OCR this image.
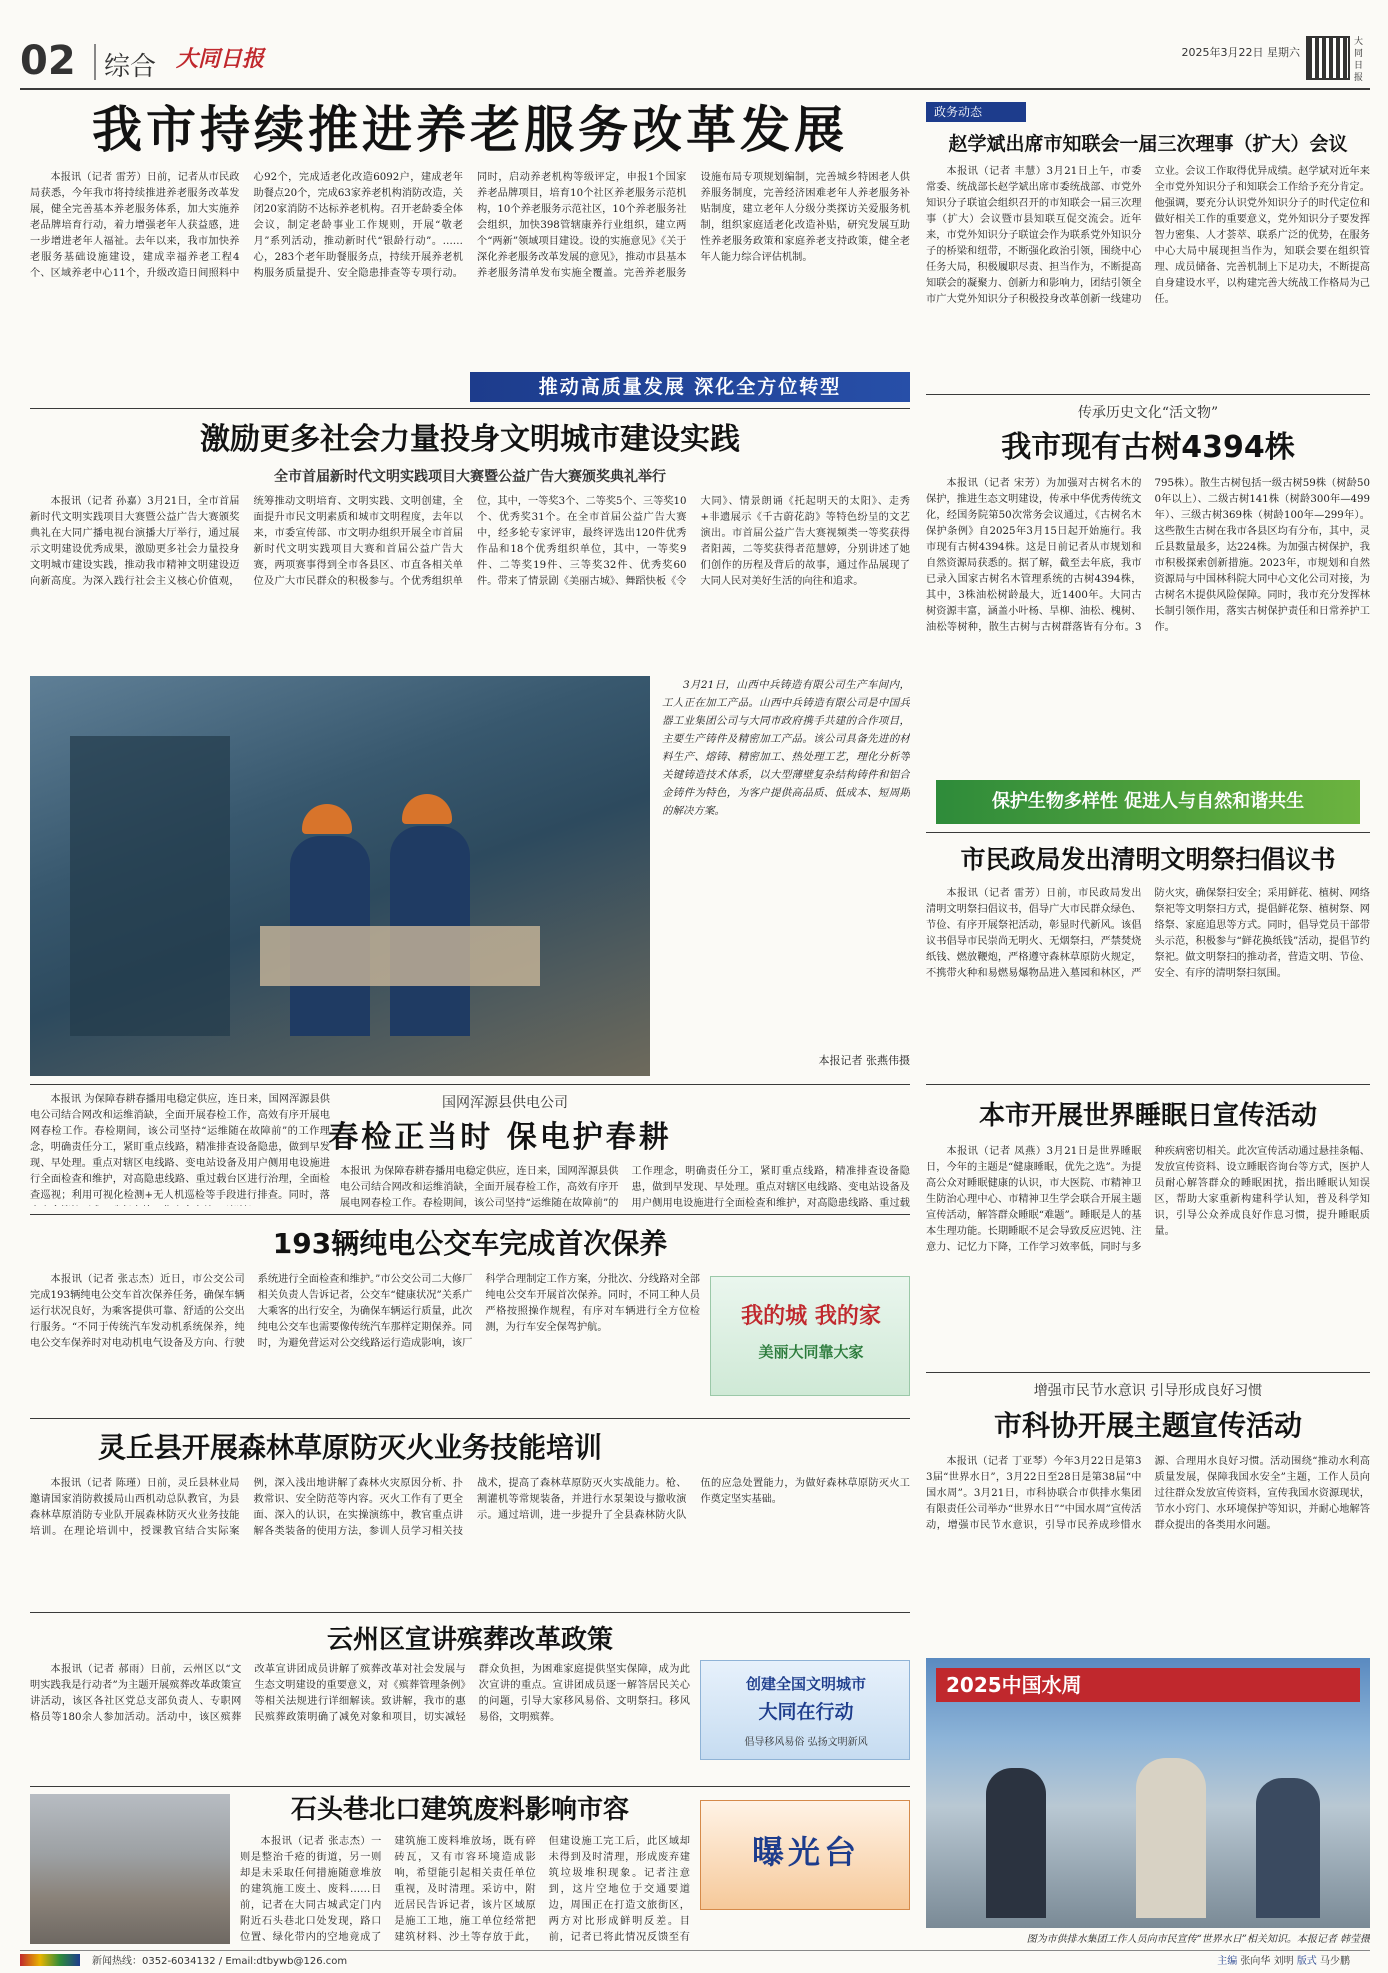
02	综合 大同日报	2025年3月22日 星期六
大同日报
我市持续推进养老服务改革发展
本报讯（记者 雷芳）日前，记者从市民政局获悉，今年我市将持续推进养老服务改革发展，健全完善基本养老服务体系，加大实施养老品牌培育行动，着力增强老年人获益感，进一步增进老年人福祉。去年以来，我市加快养老服务基础设施建设，建成幸福养老工程4个、区域养老中心11个，升级改造日间照料中心92个，完成适老化改造6092户，建成老年助餐点20个，完成63家养老机构消防改造，关闭20家消防不达标养老机构。召开老龄委全体会议，制定老龄事业工作规则，开展“敬老月”系列活动，推动新时代“银龄行动”。……心，283个老年助餐服务点，持续开展养老机构服务质量提升、安全隐患排查等专项行动。同时，启动养老机构等级评定，申报1个国家养老品牌项目，培育10个社区养老服务示范机构，10个养老服务示范社区，10个养老服务社会组织，加快398管辖康养行业组织，建立两个“两新”领域项目建设。设的实施意见》《关于深化养老服务改革发展的意见》，推动市县基本养老服务清单发布实施全覆盖。完善养老服务设施布局专项规划编制，完善城乡特困老人供养服务制度，完善经济困难老年人养老服务补贴制度，建立老年人分级分类探访关爱服务机制，组织家庭适老化改造补贴，研究发展互助性养老服务政策和家庭养老支持政策，健全老年人能力综合评估机制。
推动高质量发展 深化全方位转型
政务动态
赵学斌出席市知联会一届三次理事（扩大）会议
本报讯（记者 丰慧）3月21日上午，市委常委、统战部长赵学斌出席市委统战部、市党外知识分子联谊会组织召开的市知联会一届三次理事（扩大）会议暨市县知联互促交流会。近年来，市党外知识分子联谊会作为联系党外知识分子的桥梁和纽带，不断强化政治引领，围绕中心任务大局，积极履职尽责、担当作为，不断提高知联会的凝聚力、创新力和影响力，团结引领全市广大党外知识分子积极投身改革创新一线建功立业。会议工作取得优异成绩。赵学斌对近年来全市党外知识分子和知联会工作给予充分肯定。他强调，要充分认识党外知识分子的时代定位和做好相关工作的重要意义，党外知识分子要发挥智力密集、人才荟萃、联系广泛的优势，在服务中心大局中展现担当作为，知联会要在组织管理、成员储备、完善机制上下足功夫，不断提高自身建设水平，以构建完善大统战工作格局为己任。
传承历史文化“活文物”
我市现有古树4394株
本报讯（记者 宋芳）为加强对古树名木的保护，推进生态文明建设，传承中华优秀传统文化，经国务院第50次常务会议通过，《古树名木保护条例》自2025年3月15日起开始施行。我市现有古树4394株。这是日前记者从市规划和自然资源局获悉的。据了解，截至去年底，我市已录入国家古树名木管理系统的古树4394株，其中，3株油松树龄最大，近1400年。大同古树资源丰富，涵盖小叶杨、旱柳、油松、槐树、油松等树种，散生古树与古树群落皆有分布。3795株）。散生古树包括一级古树59株（树龄500年以上）、二级古树141株（树龄300年—499年）、三级古树369株（树龄100年—299年）。这些散生古树在我市各县区均有分布，其中，灵丘县数量最多，达224株。为加强古树保护，我市积极探索创新措施。2023年，市规划和自然资源局与中国林科院大同中心文化公司对接，为古树名木提供风险保障。同时，我市充分发挥林长制引领作用，落实古树保护责任和日常养护工作。
保护生物多样性 促进人与自然和谐共生
激励更多社会力量投身文明城市建设实践
全市首届新时代文明实践项目大赛暨公益广告大赛颁奖典礼举行
本报讯（记者 孙嘉）3月21日，全市首届新时代文明实践项目大赛暨公益广告大赛颁奖典礼在大同广播电视台演播大厅举行，通过展示文明建设优秀成果，激励更多社会力量投身文明城市建设实践，推动我市精神文明建设迈向新高度。为深入践行社会主义核心价值观，统筹推动文明培育、文明实践、文明创建，全面提升市民文明素质和城市文明程度，去年以来，市委宣传部、市文明办组织开展全市首届新时代文明实践项目大赛和首届公益广告大赛，两项赛事得到全市各县区、市直各相关单位及广大市民群众的积极参与。个优秀组织单位，其中，一等奖3个、二等奖5个、三等奖10个、优秀奖31个。在全市首届公益广告大赛中，经多轮专家评审，最终评选出120件优秀作品和18个优秀组织单位，其中，一等奖9件、二等奖19件、三等奖32件、优秀奖60件。带来了情景剧《美丽古城》、舞蹈快板《令大同》、情景朗诵《托起明天的太阳》、走秀+非遗展示《千古蔚花韵》等特色纷呈的文艺演出。市首届公益广告大赛视频类一等奖获得者阳茜，二等奖获得者范慧婷，分别讲述了她们创作的历程及背后的故事，通过作品展现了大同人民对美好生活的向往和追求。
3月21日，山西中兵铸造有限公司生产车间内，工人正在加工产品。山西中兵铸造有限公司是中国兵器工业集团公司与大同市政府携手共建的合作项目，主要生产铸件及精密加工产品。该公司具备先进的材料生产、熔铸、精密加工、热处理工艺，理化分析等关键铸造技术体系，以大型薄壁复杂结构铸件和铝合金铸件为特色，为客户提供高品质、低成本、短周期的解决方案。
本报记者 张燕伟摄
市民政局发出清明文明祭扫倡议书
本报讯（记者 雷芳）日前，市民政局发出清明文明祭扫倡议书，倡导广大市民群众绿色、节俭、有序开展祭祀活动，彰显时代新风。该倡议书倡导市民崇尚无明火、无烟祭扫，严禁焚烧纸钱、燃放鞭炮，严格遵守森林草原防火规定，不携带火种和易燃易爆物品进入墓园和林区，严防火灾，确保祭扫安全；采用鲜花、植树、网络祭祀等文明祭扫方式，提倡鲜花祭、植树祭、网络祭、家庭追思等方式。同时，倡导党员干部带头示范，积极参与“鲜花换纸钱”活动，提倡节约祭祀。做文明祭扫的推动者，营造文明、节俭、安全、有序的清明祭扫氛围。
本报讯 为保障春耕春播用电稳定供应，连日来，国网浑源县供电公司结合网改和运维消缺，全面开展春检工作，高效有序开展电网春检工作。春检期间，该公司坚持“运维随在故障前”的工作理念，明确责任分工，紧盯重点线路，精准排查设备隐患，做到早发现、早处理。重点对辖区电线路、变电站设备及用户侧用电设施进行全面检查和维护，对高隐患线路、重过载台区进行治理，全面检查巡视；利用可视化检测+无人机巡检等手段进行排查。同时，落
国网浑源县供电公司
春检正当时 保电护春耕
本报讯 为保障春耕春播用电稳定供应，连日来，国网浑源县供电公司结合网改和运维消缺，全面开展春检工作，高效有序开展电网春检工作。春检期间，该公司坚持“运维随在故障前”的工作理念，明确责任分工，紧盯重点线路，精准排查设备隐患，做到早发现、早处理。重点对辖区电线路、变电站设备及用户侧用电设施进行全面检查和维护，对高隐患线路、重过载
本市开展世界睡眠日宣传活动
本报讯（记者 凤燕）3月21日是世界睡眠日，今年的主题是“健康睡眠，优先之选”。为提高公众对睡眠健康的认识，市大医院、市精神卫生防治心理中心、市精神卫生学会联合开展主题宣传活动，解答群众睡眠“难题”。睡眠是人的基本生理功能。长期睡眠不足会导致反应迟钝、注意力、记忆力下降，工作学习效率低，同时与多种疾病密切相关。此次宣传活动通过悬挂条幅、发放宣传资料、设立睡眠咨询台等方式，医护人员耐心解答群众的睡眠困扰，指出睡眠认知误区，帮助大家重新构建科学认知，普及科学知识，引导公众养成良好作息习惯，提升睡眠质量。
193辆纯电公交车完成首次保养
本报讯（记者 张志杰）近日，市公交公司完成193辆纯电公交车首次保养任务，确保车辆运行状况良好，为乘客提供可靠、舒适的公交出行服务。“不同于传统汽车发动机系统保养，纯电公交车保养时对电动机电气设备及方向、行驶系统进行全面检查和维护。”市公交公司二大修厂相关负责人告诉记者，公交车“健康状况”关系广大乘客的出行安全，为确保车辆运行质量，此次纯电公交车也需要像传统汽车那样定期保养。同时，为避免营运对公交线路运行造成影响，该厂科学合理制定工作方案，分批次、分线路对全部纯电公交车开展首次保养。同时，不同工种人员严格按照操作规程，有序对车辆进行全方位检测，为行车安全保驾护航。	我的城 我的家
美丽大同靠大家
增强市民节水意识 引导形成良好习惯
市科协开展主题宣传活动
本报讯（记者 丁亚琴）今年3月22日是第33届“世界水日”，3月22日至28日是第38届“中国水周”。3月21日，市科协联合市供排水集团有限责任公司举办“世界水日”“中国水周”宣传活动，增强市民节水意识，引导市民养成珍惜水源、合理用水良好习惯。活动围绕“推动水利高质量发展，保障我国水安全”主题，工作人员向过往群众发放宣传资料，宣传我国水资源现状，节水小窍门、水环境保护等知识，并耐心地解答群众提出的各类用水问题。
2025中国水周
图为市供排水集团工作人员向市民宣传“世界水日”相关知识。本报记者 韩莹摄
灵丘县开展森林草原防灭火业务技能培训
本报讯（记者 陈瑾）日前，灵丘县林业局邀请国家消防救援局山西机动总队教官，为县森林草原消防专业队开展森林防灭火业务技能培训。在理论培训中，授课教官结合实际案例，深入浅出地讲解了森林火灾原因分析、扑救常识、安全防范等内容。灭火工作有了更全面、深入的认识，在实操演练中，教官重点讲解各类装备的使用方法，参训人员学习相关技战术，提高了森林草原防灭火实战能力。枪、割灌机等常规装备，并进行水泵架设与撤收演示。通过培训，进一步提升了全县森林防火队伍的应急处置能力，为做好森林草原防灭火工作奠定坚实基础。
云州区宣讲殡葬改革政策
本报讯（记者 郝雨）日前，云州区以“文明实践我是行动者”为主题开展殡葬改革政策宣讲活动，该区各社区党总支部负责人、专职网格员等180余人参加活动。活动中，该区殡葬改革宣讲团成员讲解了殡葬改革对社会发展与生态文明建设的重要意义，对《殡葬管理条例》等相关法规进行详细解读。致讲解，我市的惠民殡葬政策明确了减免对象和项目，切实减轻群众负担，为困难家庭提供坚实保障，成为此次宣讲的重点。宣讲团成员逐一解答居民关心的问题，引导大家移风易俗、文明祭扫。移风易俗，文明殡葬。
创建全国文明城市
大同在行动
倡导移风易俗 弘扬文明新风
石头巷北口建筑废料影响市容
本报讯（记者 张志杰）一则是整治千疮的街道，另一则却是未采取任何措施随意堆放的建筑施工废土、废料……日前，记者在大同古城武定门内附近石头巷北口处发现，路口位置、绿化带内的空地竟成了建筑施工废料堆放场，既有碎砖瓦，又有市容环境造成影响，希望能引起相关责任单位重视，及时清理。采访中，附近居民告诉记者，该片区域原是施工工地，施工单位经常把建筑材料、沙土等存放于此，但建设施工完工后，此区域却未得到及时清理，形成废弃建筑垃圾堆积现象。记者注意到，这片空地位于交通要道边，周围正在打造文旅街区，两方对比形成鲜明反差。目前，记者已将此情况反馈至有
曝光台
新闻热线：0352-6034132 / Email:dtbywb@126.com	主编 张向华 刘明 版式 马少鹏
